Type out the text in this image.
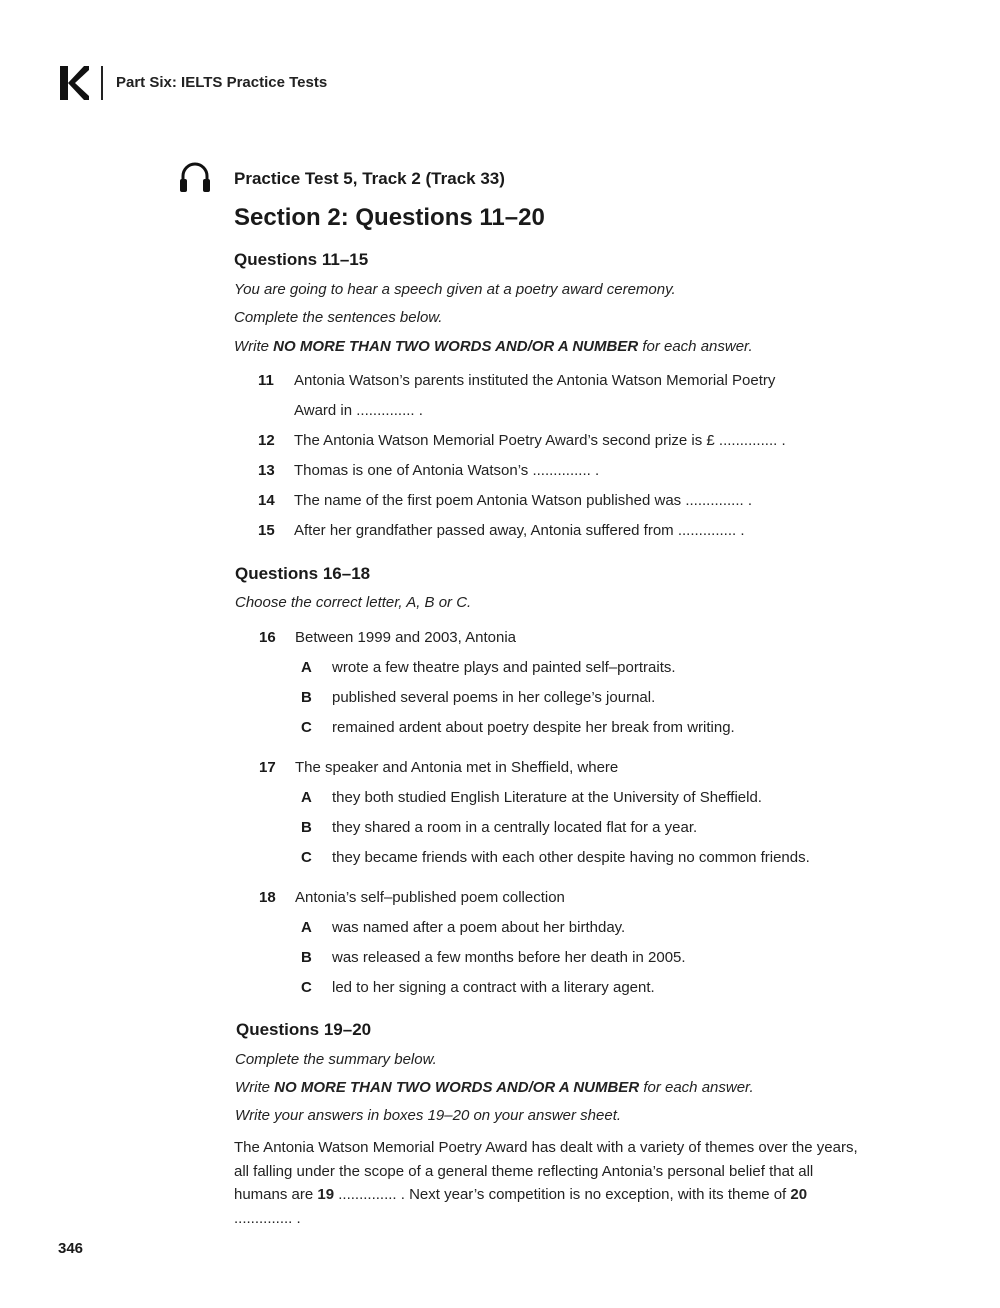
Part Six: IELTS Practice Tests
Practice Test 5, Track 2 (Track 33)
Section 2: Questions 11–20
Questions 11–15
You are going to hear a speech given at a poetry award ceremony.
Complete the sentences below.
Write NO MORE THAN TWO WORDS AND/OR A NUMBER for each answer.
11	Antonia Watson’s parents instituted the Antonia Watson Memorial Poetry
Award in .............. .
12	The Antonia Watson Memorial Poetry Award’s second prize is £ .............. .
13	Thomas is one of Antonia Watson’s .............. .
14	The name of the first poem Antonia Watson published was .............. .
15	After her grandfather passed away, Antonia suffered from .............. .
Questions 16–18
Choose the correct letter, A, B or C.
16	Between 1999 and 2003, Antonia
A	wrote a few theatre plays and painted self–portraits.
B	published several poems in her college’s journal.
C	remained ardent about poetry despite her break from writing.
17	The speaker and Antonia met in Sheffield, where
A	they both studied English Literature at the University of Sheffield.
B	they shared a room in a centrally located flat for a year.
C	they became friends with each other despite having no common friends.
18	Antonia’s self–published poem collection
A	was named after a poem about her birthday.
B	was released a few months before her death in 2005.
C	led to her signing a contract with a literary agent.
Questions 19–20
Complete the summary below.
Write NO MORE THAN TWO WORDS AND/OR A NUMBER for each answer.
Write your answers in boxes 19–20 on your answer sheet.
The Antonia Watson Memorial Poetry Award has dealt with a variety of themes over the years, all falling under the scope of a general theme reflecting Antonia’s personal belief that all humans are 19 .............. . Next year’s competition is no exception, with its theme of 20 .............. .
346
